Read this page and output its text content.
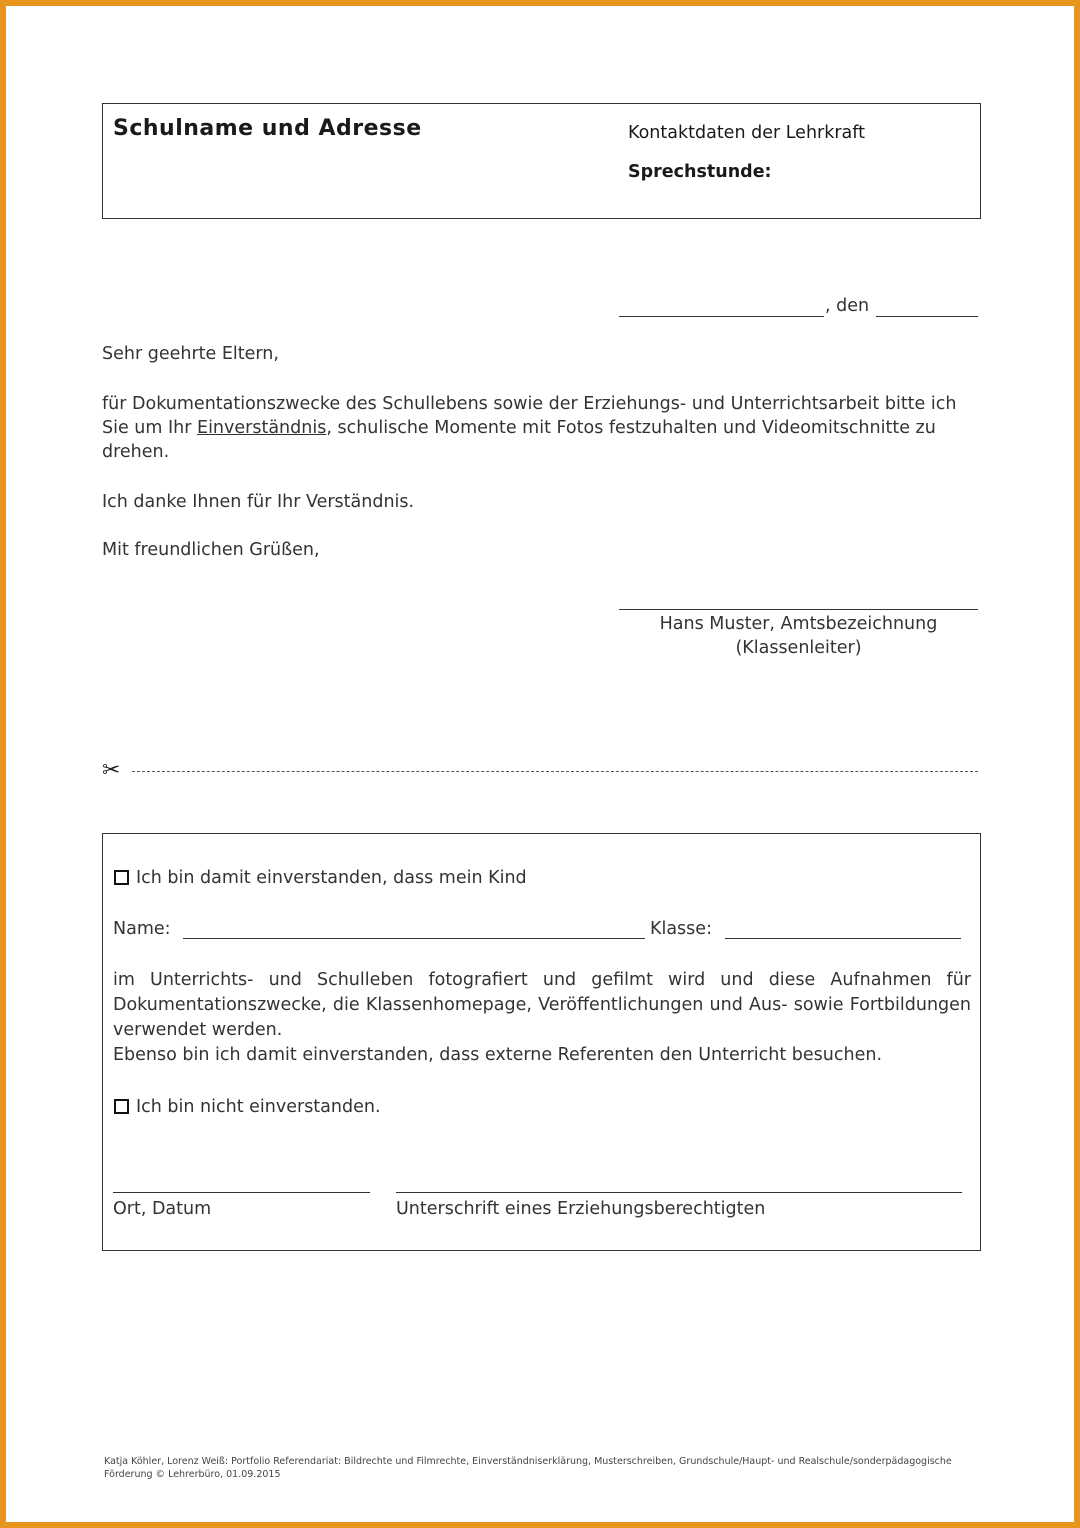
Schulname und Adresse	Kontaktdaten der Lehrkraft
Sprechstunde:
, den
Sehr geehrte Eltern,
für Dokumentationszwecke des Schullebens sowie der Erziehungs- und Unterrichtsarbeit bitte ich Sie um Ihr Einverständnis, schulische Momente mit Fotos festzuhalten und Videomitschnitte zu drehen.
Ich danke Ihnen für Ihr Verständnis.
Mit freundlichen Grüßen,
Hans Muster, Amtsbezeichnung
(Klassenleiter)
✂
Ich bin damit einverstanden, dass mein Kind
Name:	Klasse:
im Unterrichts- und Schulleben fotografiert und gefilmt wird und diese Aufnahmen für Dokumentationszwecke, die Klassenhomepage, Veröffentlichungen und Aus- sowie Fortbildungen verwendet werden.
Ebenso bin ich damit einverstanden, dass externe Referenten den Unterricht besuchen.
Ich bin nicht einverstanden.
Ort, Datum	Unterschrift eines Erziehungsberechtigten
Katja Köhler, Lorenz Weiß: Portfolio Referendariat: Bildrechte und Filmrechte, Einverständniserklärung, Musterschreiben, Grundschule/Haupt- und Realschule/sonderpädagogische Förderung © Lehrerbüro, 01.09.2015
